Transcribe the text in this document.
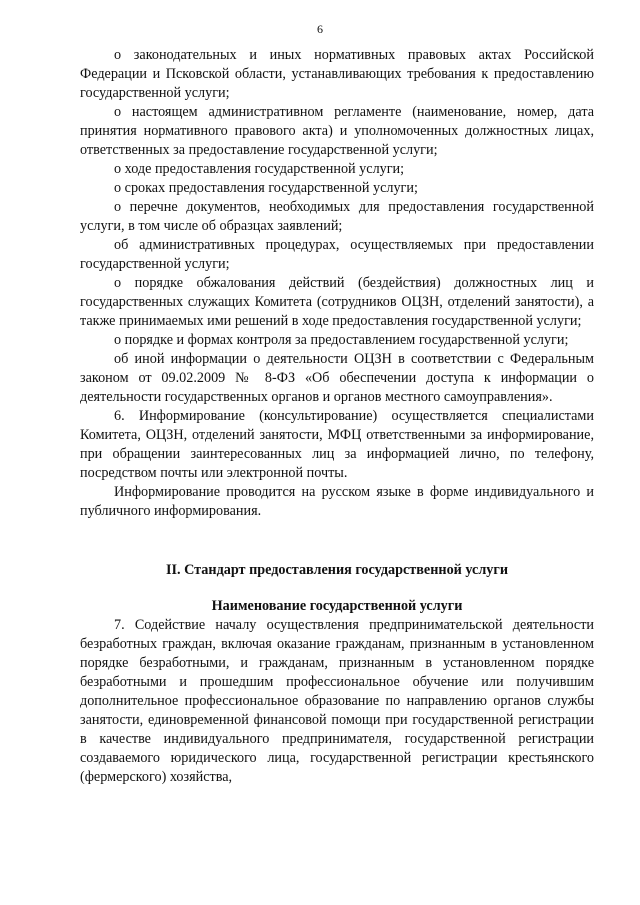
6

о законодательных и иных нормативных правовых актах Российской Федерации и Псковской области, устанавливающих требования к предоставлению государственной услуги;

о настоящем административном регламенте (наименование, номер, дата принятия нормативного правового акта) и уполномоченных должностных лицах, ответственных за предоставление государственной услуги;

о ходе предоставления государственной услуги;

о сроках предоставления государственной услуги;

о перечне документов, необходимых для предоставления государственной услуги, в том числе об образцах заявлений;

об административных процедурах, осуществляемых при предоставлении государственной услуги;

о порядке обжалования действий (бездействия) должностных лиц и государственных служащих Комитета (сотрудников ОЦЗН, отделений занятости), а также принимаемых ими решений в ходе предоставления государственной услуги;

о порядке и формах контроля за предоставлением государственной услуги;

об иной информации о деятельности ОЦЗН в соответствии с Федеральным законом от 09.02.2009 № 8-ФЗ «Об обеспечении доступа к информации о деятельности государственных органов и органов местного самоуправления».

6. Информирование (консультирование) осуществляется специалистами Комитета, ОЦЗН, отделений занятости, МФЦ ответственными за информирование, при обращении заинтересованных лиц за информацией лично, по телефону, посредством почты или электронной почты.

Информирование проводится на русском языке в форме индивидуального и публичного информирования.

II. Стандарт предоставления государственной услуги
Наименование государственной услуги

7. Содействие началу осуществления предпринимательской деятельности безработных граждан, включая оказание гражданам, признанным в установленном порядке безработными, и гражданам, признанным в установленном порядке безработными и прошедшим профессиональное обучение или получившим дополнительное профессиональное образование по направлению органов службы занятости, единовременной финансовой помощи при государственной регистрации в качестве индивидуального предпринимателя, государственной регистрации создаваемого юридического лица, государственной регистрации крестьянского (фермерского) хозяйства,
